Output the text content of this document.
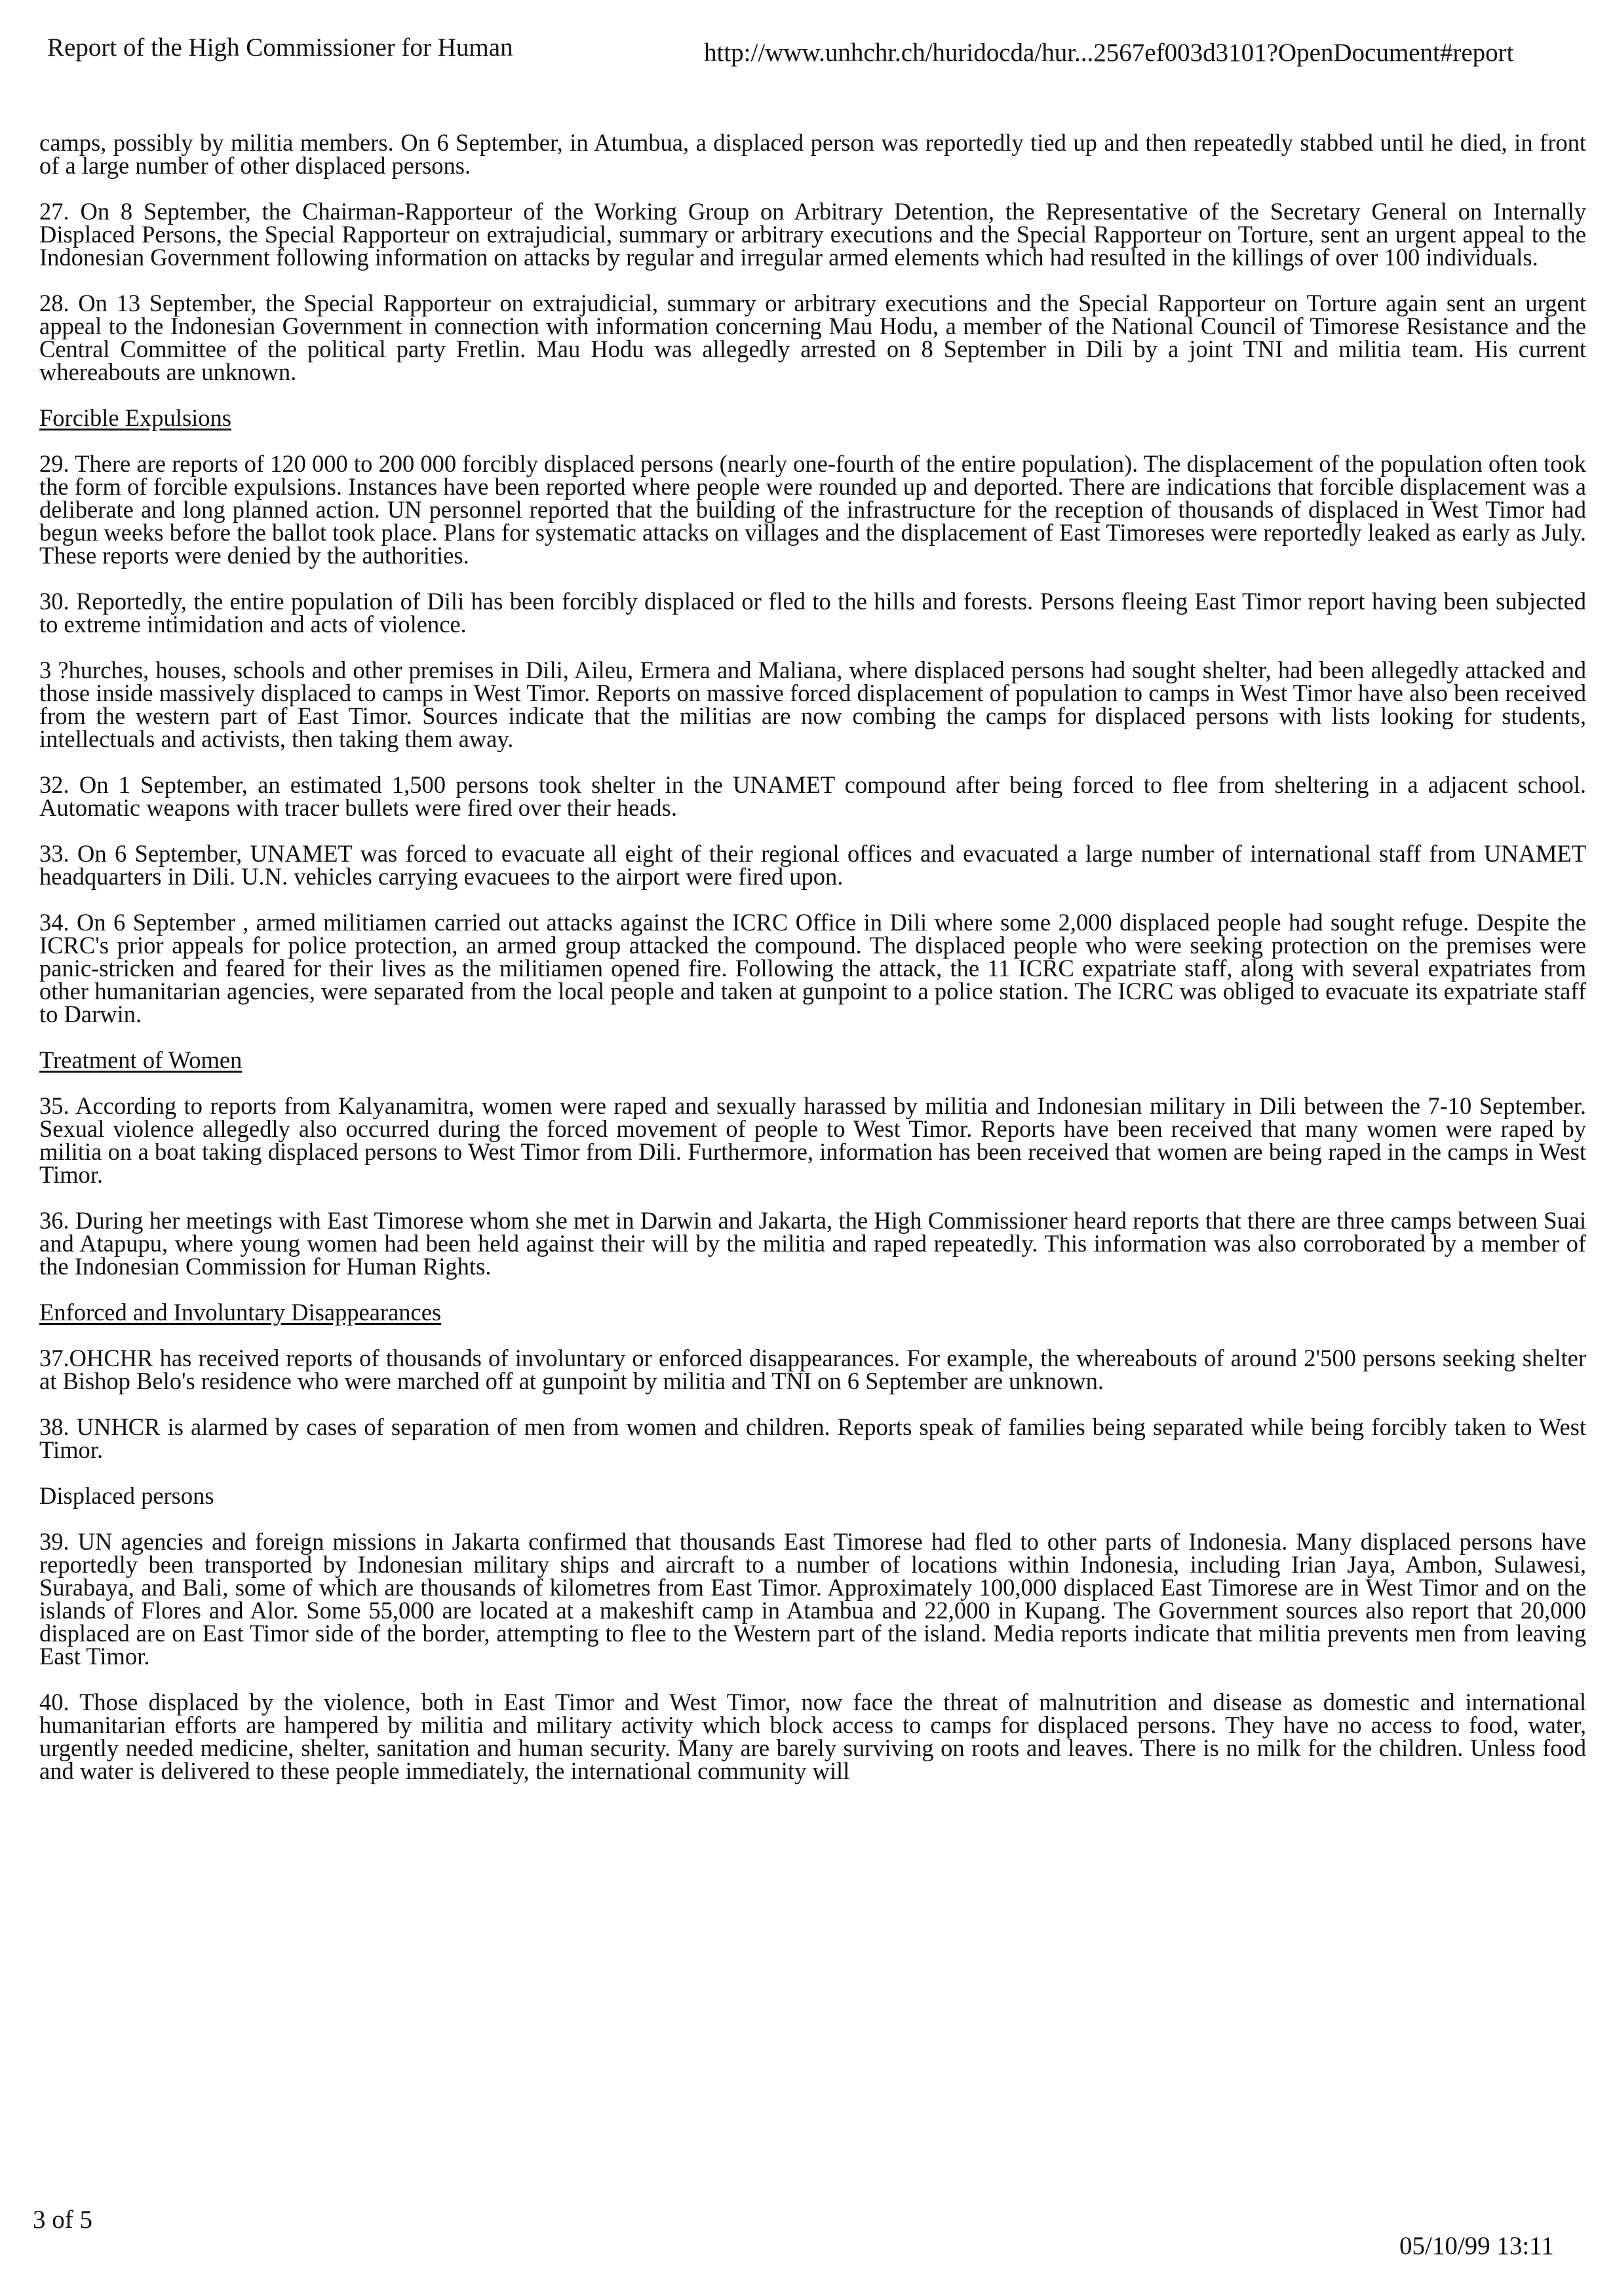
Report of the High Commissioner for Human	http://www.unhchr.ch/huridocda/hur...2567ef003d3101?OpenDocument#report

camps, possibly by militia members. On 6 September, in Atumbua, a displaced person was reportedly tied up and then repeatedly stabbed until he died, in front of a large number of other displaced persons.

27. On 8 September, the Chairman-Rapporteur of the Working Group on Arbitrary Detention, the Representative of the Secretary General on Internally Displaced Persons, the Special Rapporteur on extrajudicial, summary or arbitrary executions and the Special Rapporteur on Torture, sent an urgent appeal to the Indonesian Government following information on attacks by regular and irregular armed elements which had resulted in the killings of over 100 individuals.

28. On 13 September, the Special Rapporteur on extrajudicial, summary or arbitrary executions and the Special Rapporteur on Torture again sent an urgent appeal to the Indonesian Government in connection with information concerning Mau Hodu, a member of the National Council of Timorese Resistance and the Central Committee of the political party Fretlin. Mau Hodu was allegedly arrested on 8 September in Dili by a joint TNI and militia team. His current whereabouts are unknown.

Forcible Expulsions

29. There are reports of 120 000 to 200 000 forcibly displaced persons (nearly one-fourth of the entire population). The displacement of the population often took the form of forcible expulsions. Instances have been reported where people were rounded up and deported. There are indications that forcible displacement was a deliberate and long planned action. UN personnel reported that the building of the infrastructure for the reception of thousands of displaced in West Timor had begun weeks before the ballot took place. Plans for systematic attacks on villages and the displacement of East Timoreses were reportedly leaked as early as July. These reports were denied by the authorities.

30. Reportedly, the entire population of Dili has been forcibly displaced or fled to the hills and forests. Persons fleeing East Timor report having been subjected to extreme intimidation and acts of violence.

3 ?hurches, houses, schools and other premises in Dili, Aileu, Ermera and Maliana, where displaced persons had sought shelter, had been allegedly attacked and those inside massively displaced to camps in West Timor. Reports on massive forced displacement of population to camps in West Timor have also been received from the western part of East Timor. Sources indicate that the militias are now combing the camps for displaced persons with lists looking for students, intellectuals and activists, then taking them away.

32. On 1 September, an estimated 1,500 persons took shelter in the UNAMET compound after being forced to flee from sheltering in a adjacent school. Automatic weapons with tracer bullets were fired over their heads.

33. On 6 September, UNAMET was forced to evacuate all eight of their regional offices and evacuated a large number of international staff from UNAMET headquarters in Dili. U.N. vehicles carrying evacuees to the airport were fired upon.

34. On 6 September , armed militiamen carried out attacks against the ICRC Office in Dili where some 2,000 displaced people had sought refuge. Despite the ICRC's prior appeals for police protection, an armed group attacked the compound. The displaced people who were seeking protection on the premises were panic-stricken and feared for their lives as the militiamen opened fire. Following the attack, the 11 ICRC expatriate staff, along with several expatriates from other humanitarian agencies, were separated from the local people and taken at gunpoint to a police station. The ICRC was obliged to evacuate its expatriate staff to Darwin.

Treatment of Women

35. According to reports from Kalyanamitra, women were raped and sexually harassed by militia and Indonesian military in Dili between the 7-10 September. Sexual violence allegedly also occurred during the forced movement of people to West Timor. Reports have been received that many women were raped by militia on a boat taking displaced persons to West Timor from Dili. Furthermore, information has been received that women are being raped in the camps in West Timor.

36. During her meetings with East Timorese whom she met in Darwin and Jakarta, the High Commissioner heard reports that there are three camps between Suai and Atapupu, where young women had been held against their will by the militia and raped repeatedly. This information was also corroborated by a member of the Indonesian Commission for Human Rights.

Enforced and Involuntary Disappearances

37.OHCHR has received reports of thousands of involuntary or enforced disappearances. For example, the whereabouts of around 2'500 persons seeking shelter at Bishop Belo's residence who were marched off at gunpoint by militia and TNI on 6 September are unknown.

38. UNHCR is alarmed by cases of separation of men from women and children. Reports speak of families being separated while being forcibly taken to West Timor.

Displaced persons

39. UN agencies and foreign missions in Jakarta confirmed that thousands East Timorese had fled to other parts of Indonesia. Many displaced persons have reportedly been transported by Indonesian military ships and aircraft to a number of locations within Indonesia, including Irian Jaya, Ambon, Sulawesi, Surabaya, and Bali, some of which are thousands of kilometres from East Timor. Approximately 100,000 displaced East Timorese are in West Timor and on the islands of Flores and Alor. Some 55,000 are located at a makeshift camp in Atambua and 22,000 in Kupang. The Government sources also report that 20,000 displaced are on East Timor side of the border, attempting to flee to the Western part of the island. Media reports indicate that militia prevents men from leaving East Timor.

40. Those displaced by the violence, both in East Timor and West Timor, now face the threat of malnutrition and disease as domestic and international humanitarian efforts are hampered by militia and military activity which block access to camps for displaced persons. They have no access to food, water, urgently needed medicine, shelter, sanitation and human security. Many are barely surviving on roots and leaves. There is no milk for the children. Unless food and water is delivered to these people immediately, the international community will

3 of 5
05/10/99 13:11
